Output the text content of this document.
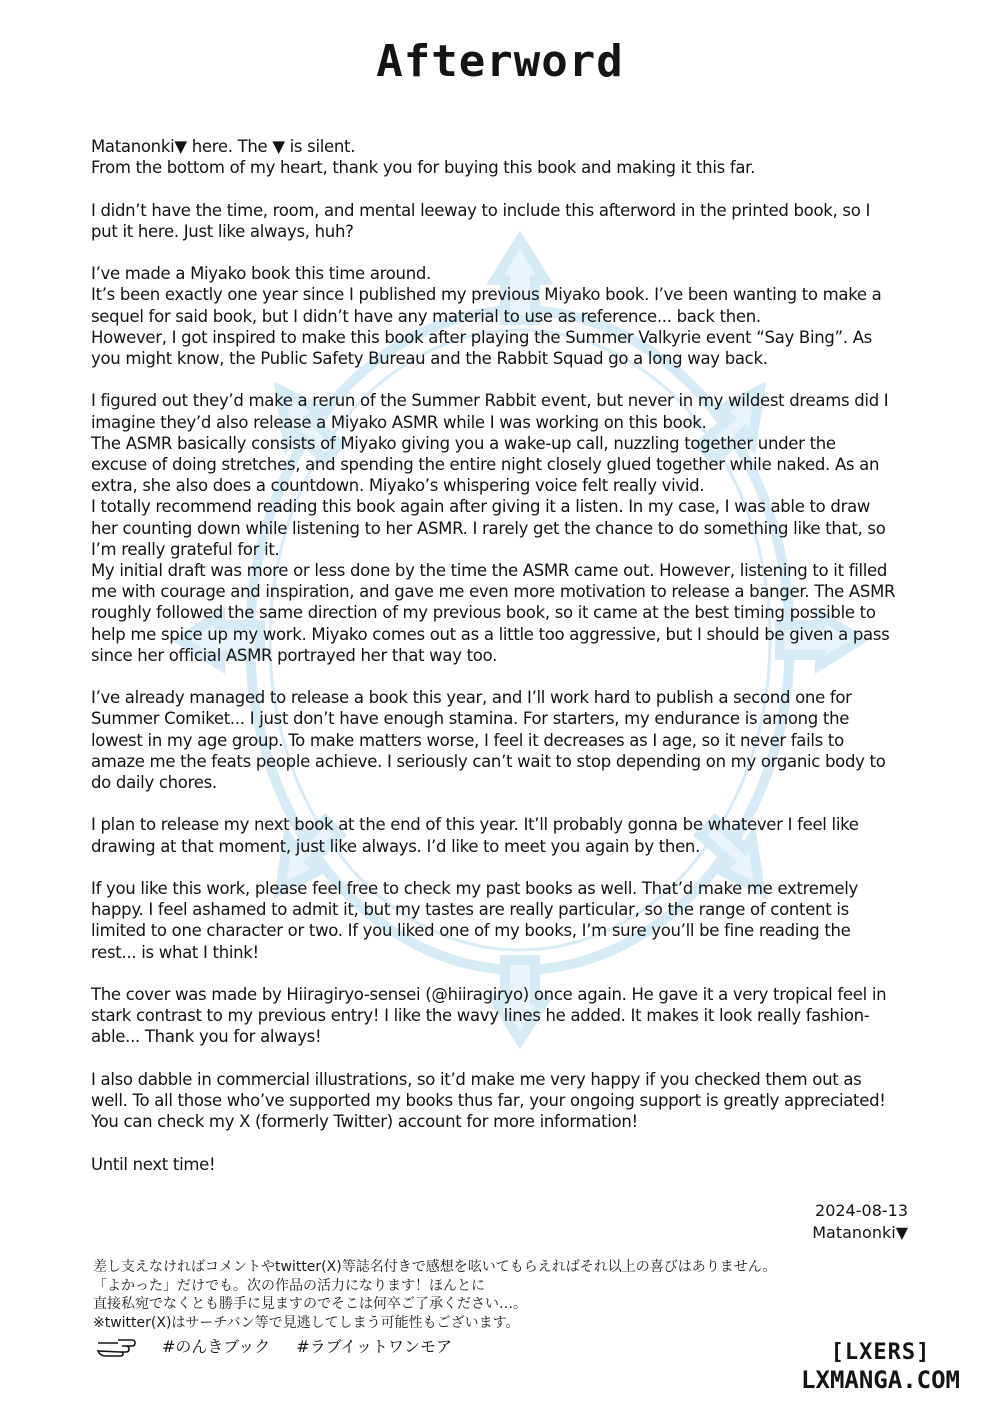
Afterword
Matanonki▼ here. The ▼ is silent.
From the bottom of my heart, thank you for buying this book and making it this far.
I didn’t have the time, room, and mental leeway to include this afterword in the printed book, so I
put it here. Just like always, huh?
I’ve made a Miyako book this time around.
It’s been exactly one year since I published my previous Miyako book. I’ve been wanting to make a
sequel for said book, but I didn’t have any material to use as reference... back then.
However, I got inspired to make this book after playing the Summer Valkyrie event “Say Bing”. As
you might know, the Public Safety Bureau and the Rabbit Squad go a long way back.
I figured out they’d make a rerun of the Summer Rabbit event, but never in my wildest dreams did I
imagine they’d also release a Miyako ASMR while I was working on this book.
The ASMR basically consists of Miyako giving you a wake-up call, nuzzling together under the
excuse of doing stretches, and spending the entire night closely glued together while naked. As an
extra, she also does a countdown. Miyako’s whispering voice felt really vivid.
I totally recommend reading this book again after giving it a listen. In my case, I was able to draw
her counting down while listening to her ASMR. I rarely get the chance to do something like that, so
I’m really grateful for it.
My initial draft was more or less done by the time the ASMR came out. However, listening to it filled
me with courage and inspiration, and gave me even more motivation to release a banger. The ASMR
roughly followed the same direction of my previous book, so it came at the best timing possible to
help me spice up my work. Miyako comes out as a little too aggressive, but I should be given a pass
since her official ASMR portrayed her that way too.
I’ve already managed to release a book this year, and I’ll work hard to publish a second one for
Summer Comiket... I just don’t have enough stamina. For starters, my endurance is among the
lowest in my age group. To make matters worse, I feel it decreases as I age, so it never fails to
amaze me the feats people achieve. I seriously can’t wait to stop depending on my organic body to
do daily chores.
I plan to release my next book at the end of this year. It’ll probably gonna be whatever I feel like
drawing at that moment, just like always. I’d like to meet you again by then.
If you like this work, please feel free to check my past books as well. That’d make me extremely
happy. I feel ashamed to admit it, but my tastes are really particular, so the range of content is
limited to one character or two. If you liked one of my books, I’m sure you’ll be fine reading the
rest... is what I think!
The cover was made by Hiiragiryo-sensei (@hiiragiryo) once again. He gave it a very tropical feel in
stark contrast to my previous entry! I like the wavy lines he added. It makes it look really fashion-
able... Thank you for always!
I also dabble in commercial illustrations, so it’d make me very happy if you checked them out as
well. To all those who’ve supported my books thus far, your ongoing support is greatly appreciated!
You can check my X (formerly Twitter) account for more information!
Until next time!
2024-08-13
Matanonki▼
差し支えなければコメントやtwitter(X)等誌名付きで感想を呟いてもらえればそれ以上の喜びはありません。
「よかった」だけでも。次の作品の活力になります！ほんとに
直接私宛でなくとも勝手に見ますのでそこは何卒ご了承ください…。
※twitter(X)はサーチバン等で見逃してしまう可能性もございます。
#のんきブック #ラブイットワンモア	[LXERS]
LXMANGA.COM
